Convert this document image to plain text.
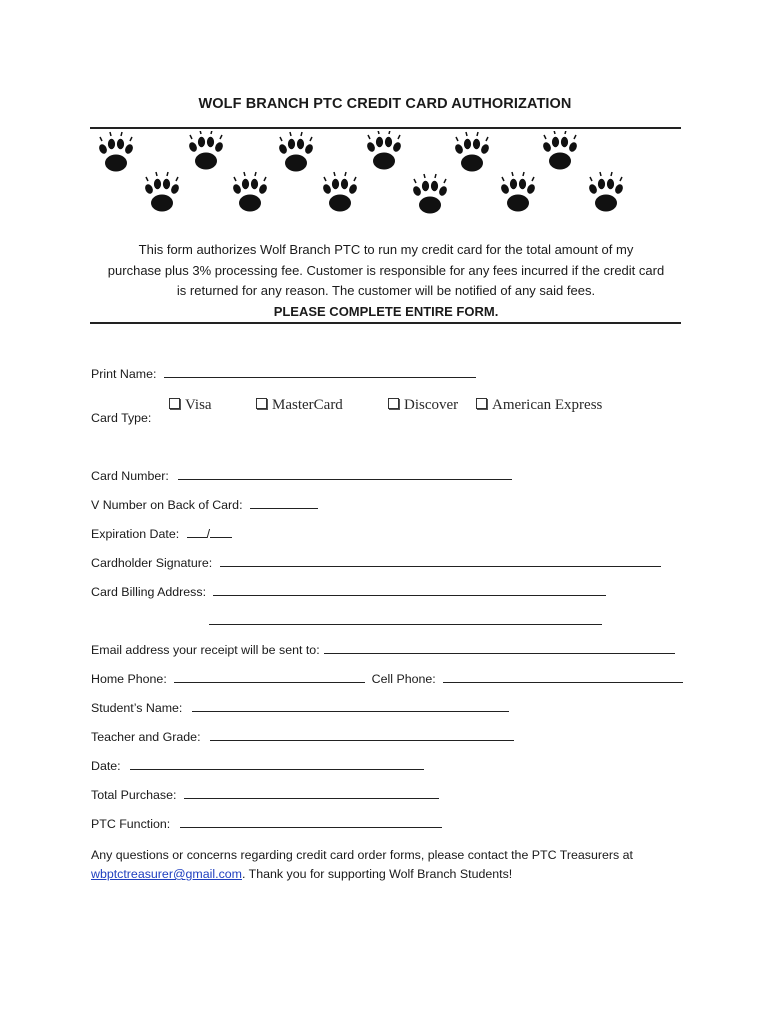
WOLF BRANCH PTC CREDIT CARD AUTHORIZATION
This form authorizes Wolf Branch PTC to run my credit card for the total amount of my
purchase plus 3% processing fee. Customer is responsible for any fees incurred if the credit card
is returned for any reason. The customer will be notified of any said fees.
PLEASE COMPLETE ENTIRE FORM.
Print Name:
Card Type:
Visa	MasterCard	Discover	American Express
Card Number:
V Number on Back of Card:
Expiration Date: /
Cardholder Signature:
Card Billing Address:
Email address your receipt will be sent to:
Home Phone:	Cell Phone:
Student’s Name:
Teacher and Grade:
Date:
Total Purchase:
PTC Function:
Any questions or concerns regarding credit card order forms, please contact the PTC Treasurers at
wbptctreasurer@gmail.com. Thank you for supporting Wolf Branch Students!
